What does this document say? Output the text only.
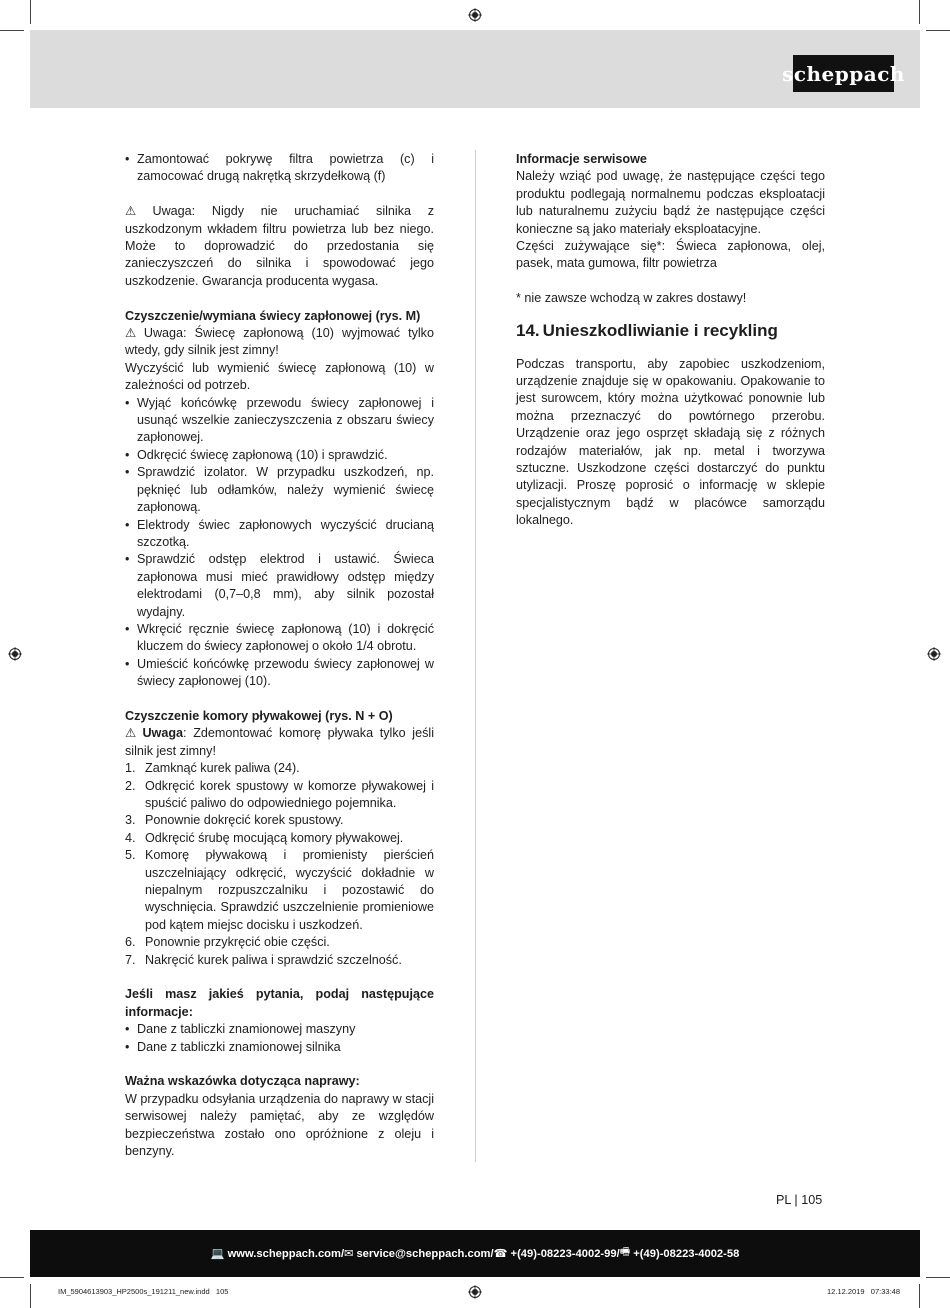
scheppach
• Zamontować pokrywę filtra powietrza (c) i zamocować drugą nakrętką skrzydełkową (f)

⚠ Uwaga: Nigdy nie uruchamiać silnika z uszkodzonym wkładem filtru powietrza lub bez niego. Może to doprowadzić do przedostania się zanieczyszczeń do silnika i spowodować jego uszkodzenie. Gwarancja producenta wygasa.

Czyszczenie/wymiana świecy zapłonowej (rys. M)

⚠ Uwaga: Świecę zapłonową (10) wyjmować tylko wtedy, gdy silnik jest zimny!

Wyczyścić lub wymienić świecę zapłonową (10) w zależności od potrzeb.

• Wyjąć końcówkę przewodu świecy zapłonowej i usunąć wszelkie zanieczyszczenia z obszaru świecy zapłonowej.
• Odkręcić świecę zapłonową (10) i sprawdzić.
• Sprawdzić izolator. W przypadku uszkodzeń, np. pęknięć lub odłamków, należy wymienić świecę zapłonową.
• Elektrody świec zapłonowych wyczyścić drucianą szczotką.
• Sprawdzić odstęp elektrod i ustawić. Świeca zapłonowa musi mieć prawidłowy odstęp między elektrodami (0,7–0,8 mm), aby silnik pozostał wydajny.
• Wkręcić ręcznie świecę zapłonową (10) i dokręcić kluczem do świecy zapłonowej o około 1/4 obrotu.
• Umieścić końcówkę przewodu świecy zapłonowej w świecy zapłonowej (10).

Czyszczenie komory pływakowej (rys. N + O)

⚠ Uwaga: Zdemontować komorę pływaka tylko jeśli silnik jest zimny!

1. Zamknąć kurek paliwa (24).
2. Odkręcić korek spustowy w komorze pływakowej i spuścić paliwo do odpowiedniego pojemnika.
3. Ponownie dokręcić korek spustowy.
4. Odkręcić śrubę mocującą komory pływakowej.
5. Komorę pływakową i promienisty pierścień uszczelniający odkręcić, wyczyścić dokładnie w niepalnym rozpuszczalniku i pozostawić do wyschnięcia. Sprawdzić uszczelnienie promieniowe pod kątem miejsc docisku i uszkodzeń.
6. Ponownie przykręcić obie części.
7. Nakręcić kurek paliwa i sprawdzić szczelność.

Jeśli masz jakieś pytania, podaj następujące informacje:

• Dane z tabliczki znamionowej maszyny
• Dane z tabliczki znamionowej silnika

Ważna wskazówka dotycząca naprawy:

W przypadku odsyłania urządzenia do naprawy w stacji serwisowej należy pamiętać, aby ze względów bezpieczeństwa zostało ono opróżnione z oleju i benzyny.

Informacje serwisowe

Należy wziąć pod uwagę, że następujące części tego produktu podlegają normalnemu podczas eksploatacji lub naturalnemu zużyciu bądź że następujące części konieczne są jako materiały eksploatacyjne.

Części zużywające się*: Świeca zapłonowa, olej, pasek, mata gumowa, filtr powietrza

* nie zawsze wchodzą w zakres dostawy!

14. Unieszkodliwianie i recykling

Podczas transportu, aby zapobiec uszkodzeniom, urządzenie znajduje się w opakowaniu. Opakowanie to jest surowcem, który można użytkować ponownie lub można przeznaczyć do powtórnego przerobu. Urządzenie oraz jego osprzęt składają się z różnych rodzajów materiałów, jak np. metal i tworzywa sztuczne. Uszkodzone części dostarczyć do punktu utylizacji. Proszę poprosić o informację w sklepie specjalistycznym bądź w placówce samorządu lokalnego.

PL | 105
💻 www.scheppach.com / ✉ service@scheppach.com / ☎ +(49)-08223-4002-99 / 🖷 +(49)-08223-4002-58
IM_5904613903_HP2500s_191211_new.indd   105	12.12.2019   07:33:48
